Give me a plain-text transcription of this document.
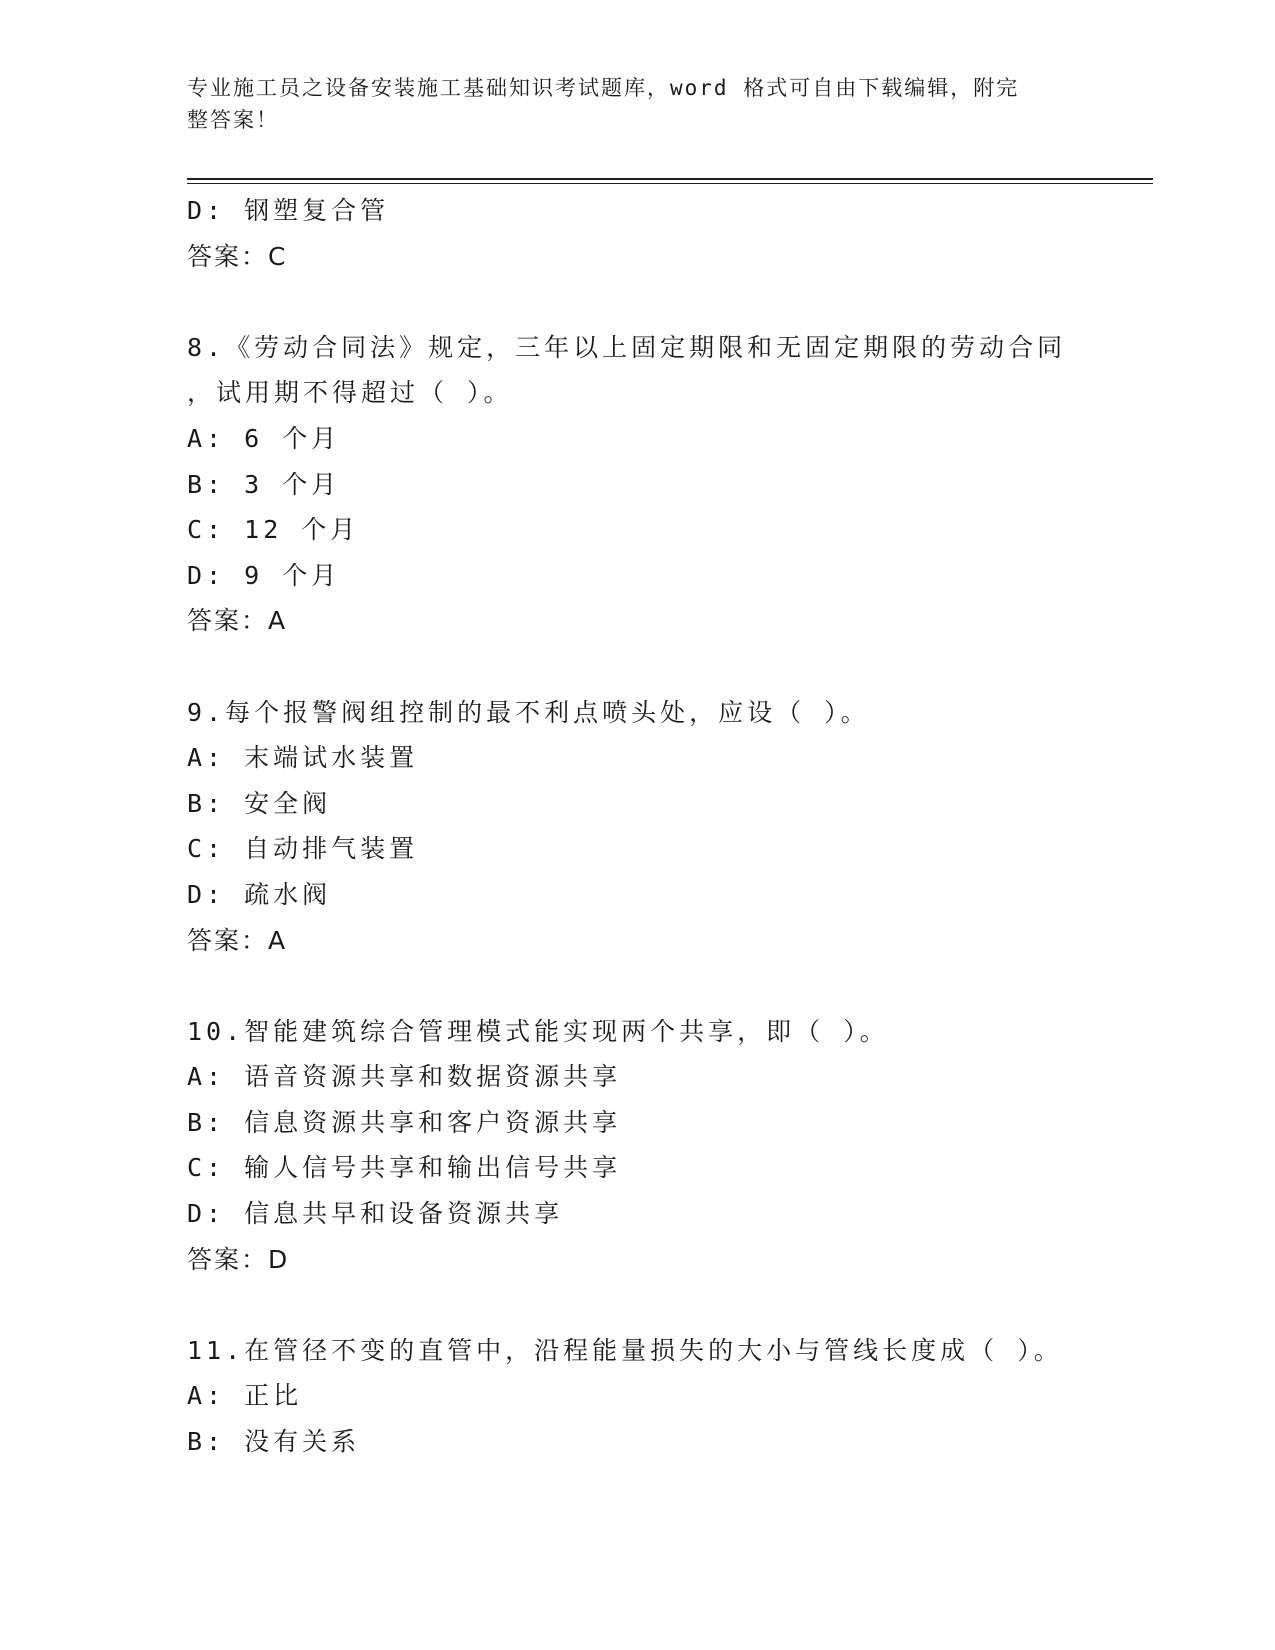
专业施工员之设备安装施工基础知识考试题库，word 格式可自由下载编辑，附完
整答案！
D: 钢塑复合管
答案：C
8.《劳动合同法》规定，三年以上固定期限和无固定期限的劳动合同
，试用期不得超过（ ）。
A: 6 个月
B: 3 个月
C: 12 个月
D: 9 个月
答案：A
9.每个报警阀组控制的最不利点喷头处，应设（ ）。
A: 末端试水装置
B: 安全阀
C: 自动排气装置
D: 疏水阀
答案：A
10.智能建筑综合管理模式能实现两个共享，即（ ）。
A: 语音资源共享和数据资源共享
B: 信息资源共享和客户资源共享
C: 输人信号共享和输出信号共享
D: 信息共早和设备资源共享
答案：D
11.在管径不变的直管中，沿程能量损失的大小与管线长度成（ ）。
A: 正比
B: 没有关系
